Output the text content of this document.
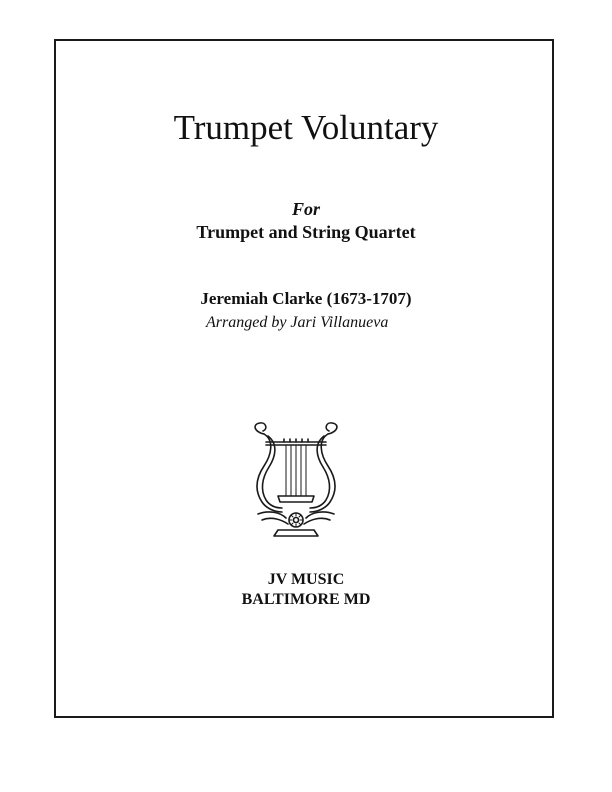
Trumpet Voluntary
For
Trumpet and String Quartet
Jeremiah Clarke (1673-1707)
Arranged by Jari Villanueva
JV MUSIC
BALTIMORE MD
